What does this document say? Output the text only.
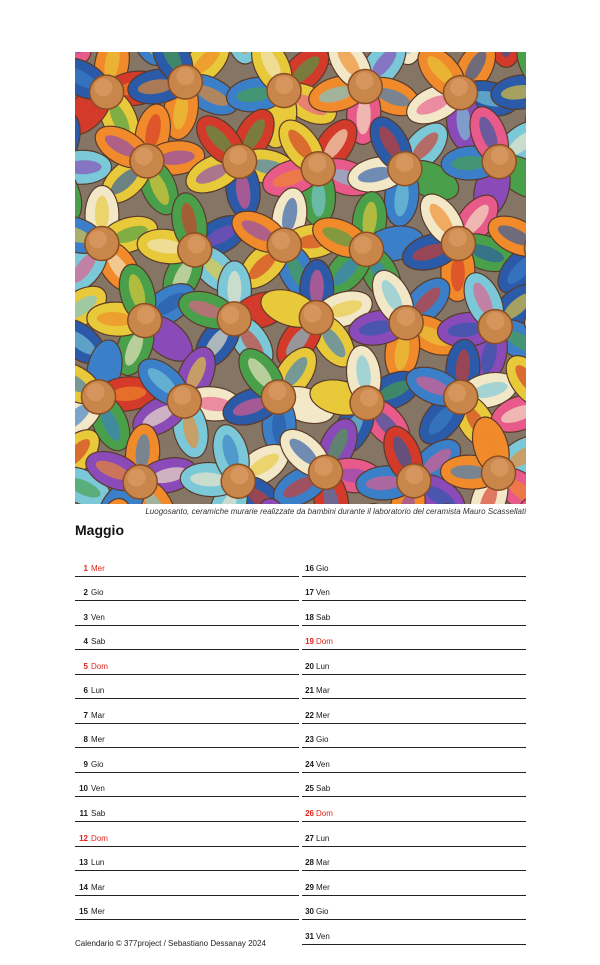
Luogosanto, ceramiche murarie realizzate da bambini durante il laboratorio del ceramista Mauro Scassellati
Maggio
1 Mer
2 Gio
3 Ven
4 Sab
5 Dom
6 Lun
7 Mar
8 Mer
9 Gio
10 Ven
11 Sab
12 Dom
13 Lun
14 Mar
15 Mer
16 Gio
17 Ven
18 Sab
19 Dom
20 Lun
21 Mar
22 Mer
23 Gio
24 Ven
25 Sab
26 Dom
27 Lun
28 Mar
29 Mer
30 Gio
31 Ven
Calendario © 377project / Sebastiano Dessanay 2024
